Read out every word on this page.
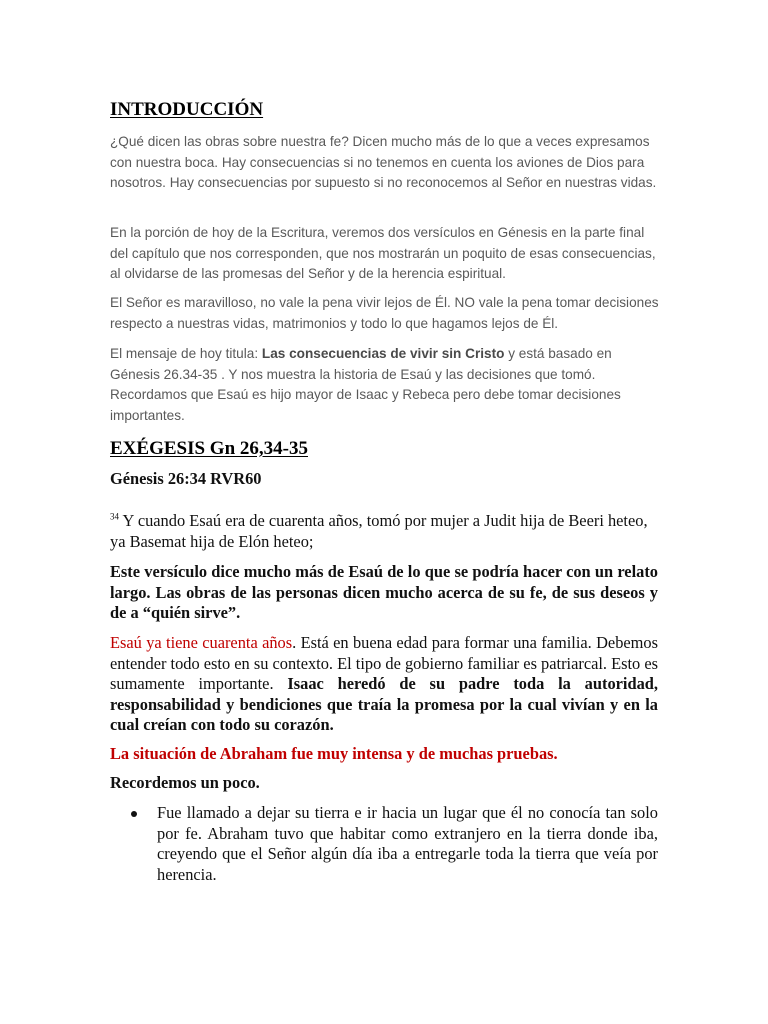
INTRODUCCIÓN

¿Qué dicen las obras sobre nuestra fe? Dicen mucho más de lo que a veces expresamos con nuestra boca. Hay consecuencias si no tenemos en cuenta los aviones de Dios para nosotros. Hay consecuencias por supuesto si no reconocemos al Señor en nuestras vidas.

En la porción de hoy de la Escritura, veremos dos versículos en Génesis en la parte final del capítulo que nos corresponden, que nos mostrarán un poquito de esas consecuencias, al olvidarse de las promesas del Señor y de la herencia espiritual.

El Señor es maravilloso, no vale la pena vivir lejos de Él. NO vale la pena tomar decisiones respecto a nuestras vidas, matrimonios y todo lo que hagamos lejos de Él.

El mensaje de hoy titula: Las consecuencias de vivir sin Cristo y está basado en Génesis 26.34-35 . Y nos muestra la historia de Esaú y las decisiones que tomó. Recordamos que Esaú es hijo mayor de Isaac y Rebeca pero debe tomar decisiones importantes.

EXÉGESIS Gn 26,34-35

Génesis 26:34 RVR60

$^{34}$ Y cuando Esaú era de cuarenta años, tomó por mujer a Judit hija de Beeri heteo, ya Basemat hija de Elón heteo;

Este versículo dice mucho más de Esaú de lo que se podría hacer con un relato largo. Las obras de las personas dicen mucho acerca de su fe, de sus deseos y de a “quién sirve”.

Esaú ya tiene cuarenta años. Está en buena edad para formar una familia. Debemos entender todo esto en su contexto. El tipo de gobierno familiar es patriarcal. Esto es sumamente importante. Isaac heredó de su padre toda la autoridad, responsabilidad y bendiciones que traía la promesa por la cual vivían y en la cual creían con todo su corazón.

La situación de Abraham fue muy intensa y de muchas pruebas.

Recordemos un poco.

Fue llamado a dejar su tierra e ir hacia un lugar que él no conocía tan solo por fe. Abraham tuvo que habitar como extranjero en la tierra donde iba, creyendo que el Señor algún día iba a entregarle toda la tierra que veía por herencia.
